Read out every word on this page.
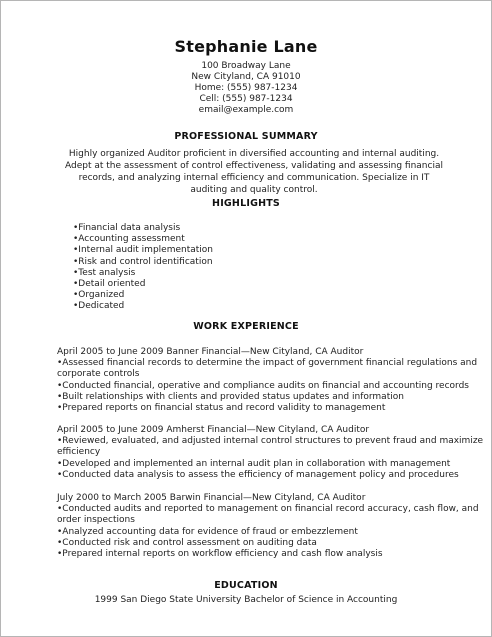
Stephanie Lane
100 Broadway Lane
New Cityland, CA 91010
Home: (555) 987-1234
Cell: (555) 987-1234
email@example.com
PROFESSIONAL SUMMARY
Highly organized Auditor proficient in diversified accounting and internal auditing. Adept at the assessment of control effectiveness, validating and assessing financial records, and analyzing internal efficiency and communication. Specialize in IT auditing and quality control.
HIGHLIGHTS
•Financial data analysis
•Accounting assessment
•Internal audit implementation
•Risk and control identification
•Test analysis
•Detail oriented
•Organized
•Dedicated
WORK EXPERIENCE
April 2005 to June 2009 Banner Financial—New Cityland, CA Auditor
•Assessed financial records to determine the impact of government financial regulations and corporate controls
•Conducted financial, operative and compliance audits on financial and accounting records
•Built relationships with clients and provided status updates and information
•Prepared reports on financial status and record validity to management
April 2005 to June 2009 Amherst Financial—New Cityland, CA Auditor
•Reviewed, evaluated, and adjusted internal control structures to prevent fraud and maximize efficiency
•Developed and implemented an internal audit plan in collaboration with management
•Conducted data analysis to assess the efficiency of management policy and procedures
July 2000 to March 2005 Barwin Financial—New Cityland, CA Auditor
•Conducted audits and reported to management on financial record accuracy, cash flow, and order inspections
•Analyzed accounting data for evidence of fraud or embezzlement
•Conducted risk and control assessment on auditing data
•Prepared internal reports on workflow efficiency and cash flow analysis
EDUCATION
1999 San Diego State University Bachelor of Science in Accounting
